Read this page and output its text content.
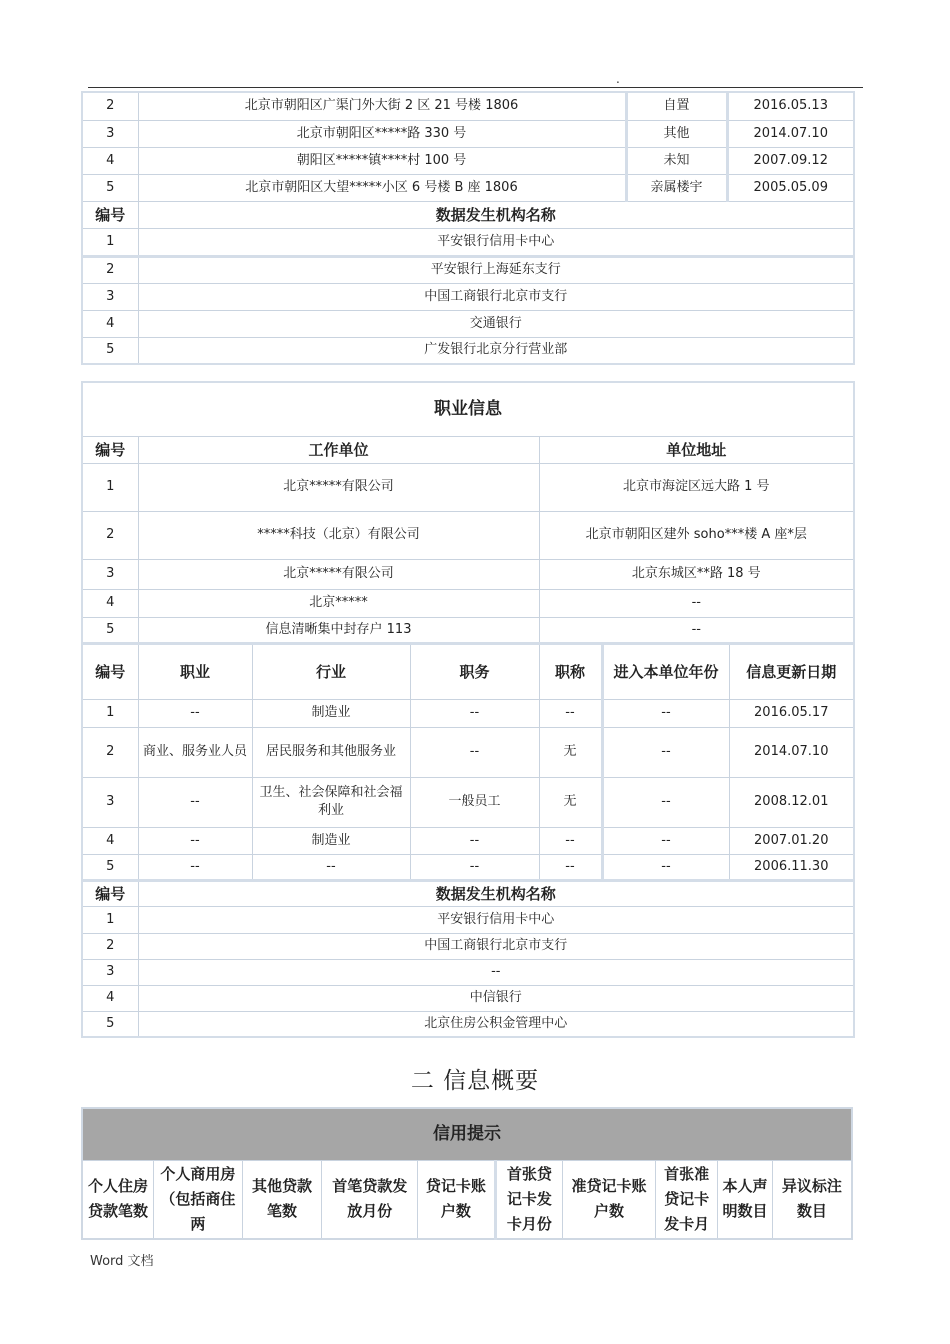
.
2	北京市朝阳区广渠门外大街 2 区 21 号楼 1806	自置	2016.05.13
3	北京市朝阳区*****路 330 号	其他	2014.07.10
4	朝阳区*****镇****村 100 号	未知	2007.09.12
5	北京市朝阳区大望*****小区 6 号楼 B 座 1806	亲属楼宇	2005.05.09
编号	数据发生机构名称		
1	平安银行信用卡中心		
2	平安银行上海延东支行		
3	中国工商银行北京市支行		
4	交通银行		
5	广发银行北京分行营业部		
职业信息						
编号	工作单位			单位地址		
1	北京*****有限公司			北京市海淀区远大路 1 号		
2	*****科技（北京）有限公司			北京市朝阳区建外 soho***楼 A 座*层		
3	北京*****有限公司			北京东城区**路 18 号		
4	北京*****			--		
5	信息清晰集中封存户 113			--		
编号	职业	行业	职务	职称	进入本单位年份	信息更新日期
1	--	制造业	--	--	--	2016.05.17
2	商业、服务业人员	居民服务和其他服务业	--	无	--	2014.07.10
3	--	卫生、社会保障和社会福利业	一般员工	无	--	2008.12.01
4	--	制造业	--	--	--	2007.01.20
5	--	--	--	--	--	2006.11.30
编号	数据发生机构名称					
1	平安银行信用卡中心					
2	中国工商银行北京市支行					
3	--					
4	中信银行					
5	北京住房公积金管理中心					
二 信息概要
信用提示
个人住房贷款笔数	个人商用房（包括商住两	其他贷款笔数	首笔贷款发放月份	贷记卡账户数	首张贷记卡发卡月份	准贷记卡账户数	首张准贷记卡发卡月	本人声明数目	异议标注数目
Word 文档
